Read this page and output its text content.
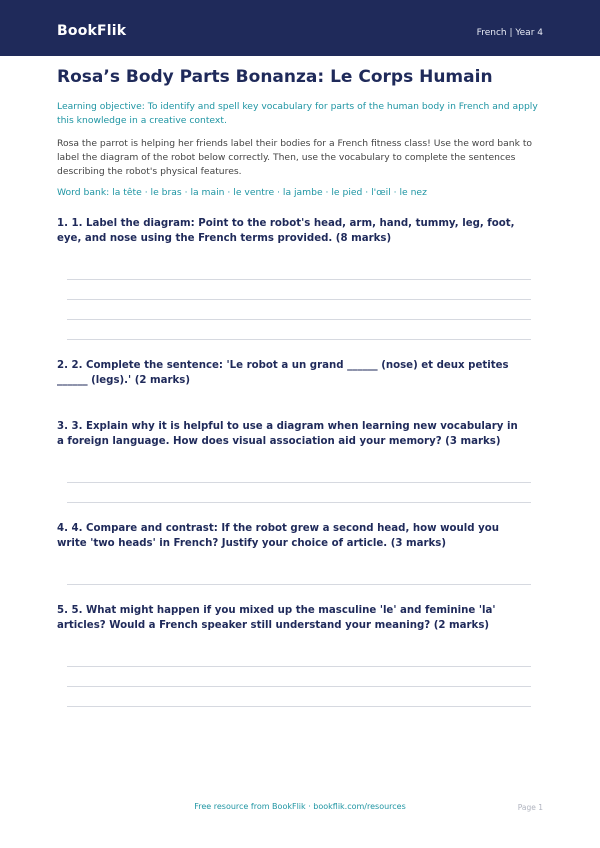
BookFlik	French | Year 4
Rosa’s Body Parts Bonanza: Le Corps Humain
Learning objective: To identify and spell key vocabulary for parts of the human body in French and apply this knowledge in a creative context.
Rosa the parrot is helping her friends label their bodies for a French fitness class! Use the word bank to label the diagram of the robot below correctly. Then, use the vocabulary to complete the sentences describing the robot's physical features.
Word bank: la tête · le bras · la main · le ventre · la jambe · le pied · l'œil · le nez
1. 1. Label the diagram: Point to the robot's head, arm, hand, tummy, leg, foot, eye, and nose using the French terms provided. (8 marks)
2. 2. Complete the sentence: 'Le robot a un grand ______ (nose) et deux petites ______ (legs).' (2 marks)
3. 3. Explain why it is helpful to use a diagram when learning new vocabulary in a foreign language. How does visual association aid your memory? (3 marks)
4. 4. Compare and contrast: If the robot grew a second head, how would you write 'two heads' in French? Justify your choice of article. (3 marks)
5. 5. What might happen if you mixed up the masculine 'le' and feminine 'la' articles? Would a French speaker still understand your meaning? (2 marks)
Free resource from BookFlik · bookflik.com/resources	Page 1
